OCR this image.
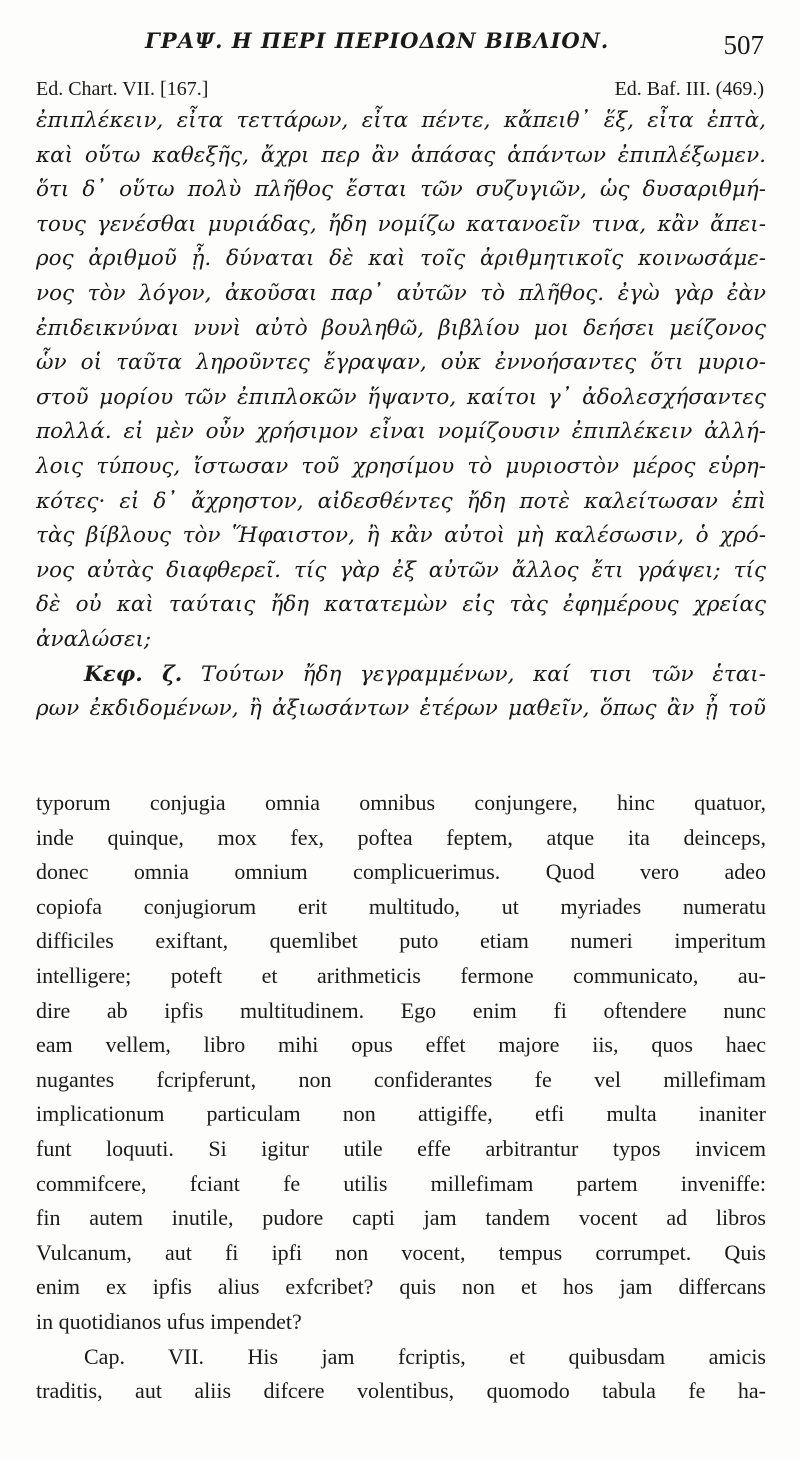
ΓΡΑΨ. Η ΠΕΡΙ ΠΕΡΙΟΔΩΝ ΒΙΒΛΙΟΝ.	507
Ed. Chart. VII. [167.]	Ed. Baf. III. (469.)
ἐπιπλέκειν, εἶτα τεττάρων, εἶτα πέντε, κἄπειθ᾽ ἕξ, εἶτα ἑπτὰ,
καὶ οὕτω καθεξῆς, ἄχρι περ ἂν ἁπάσας ἁπάντων ἐπιπλέξωμεν.
ὅτι δ᾽ οὕτω πολὺ πλῆθος ἔσται τῶν συζυγιῶν, ὡς δυσαριθμή-
τους γενέσθαι μυριάδας, ἤδη νομίζω κατανοεῖν τινα, κἂν ἄπει-
ρος ἀριθμοῦ ᾖ. δύναται δὲ καὶ τοῖς ἀριθμητικοῖς κοινωσάμε-
νος τὸν λόγον, ἀκοῦσαι παρ᾽ αὐτῶν τὸ πλῆθος. ἐγὼ γὰρ ἐὰν
ἐπιδεικνύναι νυνὶ αὐτὸ βουληθῶ, βιβλίου μοι δεήσει μείζονος
ὧν οἱ ταῦτα ληροῦντες ἔγραψαν, οὐκ ἐννοήσαντες ὅτι μυριο-
στοῦ μορίου τῶν ἐπιπλοκῶν ἥψαντο, καίτοι γ᾽ ἀδολεσχήσαντες
πολλά. εἰ μὲν οὖν χρήσιμον εἶναι νομίζουσιν ἐπιπλέκειν ἀλλή-
λοις τύπους, ἴστωσαν τοῦ χρησίμου τὸ μυριοστὸν μέρος εὑρη-
κότες· εἰ δ᾽ ἄχρηστον, αἰδεσθέντες ἤδη ποτὲ καλείτωσαν ἐπὶ
τὰς βίβλους τὸν Ἥφαιστον, ἢ κἂν αὐτοὶ μὴ καλέσωσιν, ὁ χρό-
νος αὐτὰς διαφθερεῖ. τίς γὰρ ἐξ αὐτῶν ἄλλος ἔτι γράψει; τίς
δὲ οὐ καὶ ταύταις ἤδη κατατεμὼν εἰς τὰς ἐφημέρους χρείας
ἀναλώσει;
Κεφ. ζ. Τούτων ἤδη γεγραμμένων, καί τισι τῶν ἑται-
ρων ἐκδιδομένων, ἢ ἀξιωσάντων ἑτέρων μαθεῖν, ὅπως ἂν ᾖ τοῦ
typorum conjugia omnia omnibus conjungere, hinc quatuor,
inde quinque, mox fex, poftea feptem, atque ita deinceps,
donec omnia omnium complicuerimus. Quod vero adeo
copiofa conjugiorum erit multitudo, ut myriades numeratu
difficiles exiftant, quemlibet puto etiam numeri imperitum
intelligere; poteft et arithmeticis fermone communicato, au-
dire ab ipfis multitudinem. Ego enim fi oftendere nunc
eam vellem, libro mihi opus effet majore iis, quos haec
nugantes fcripferunt, non confiderantes fe vel millefimam
implicationum particulam non attigiffe, etfi multa inaniter
funt loquuti. Si igitur utile effe arbitrantur typos invicem
commifcere, fciant fe utilis millefimam partem inveniffe:
fin autem inutile, pudore capti jam tandem vocent ad libros
Vulcanum, aut fi ipfi non vocent, tempus corrumpet. Quis
enim ex ipfis alius exfcribet? quis non et hos jam differcans
in quotidianos ufus impendet?
Cap. VII. His jam fcriptis, et quibusdam amicis
traditis, aut aliis difcere volentibus, quomodo tabula fe ha-
